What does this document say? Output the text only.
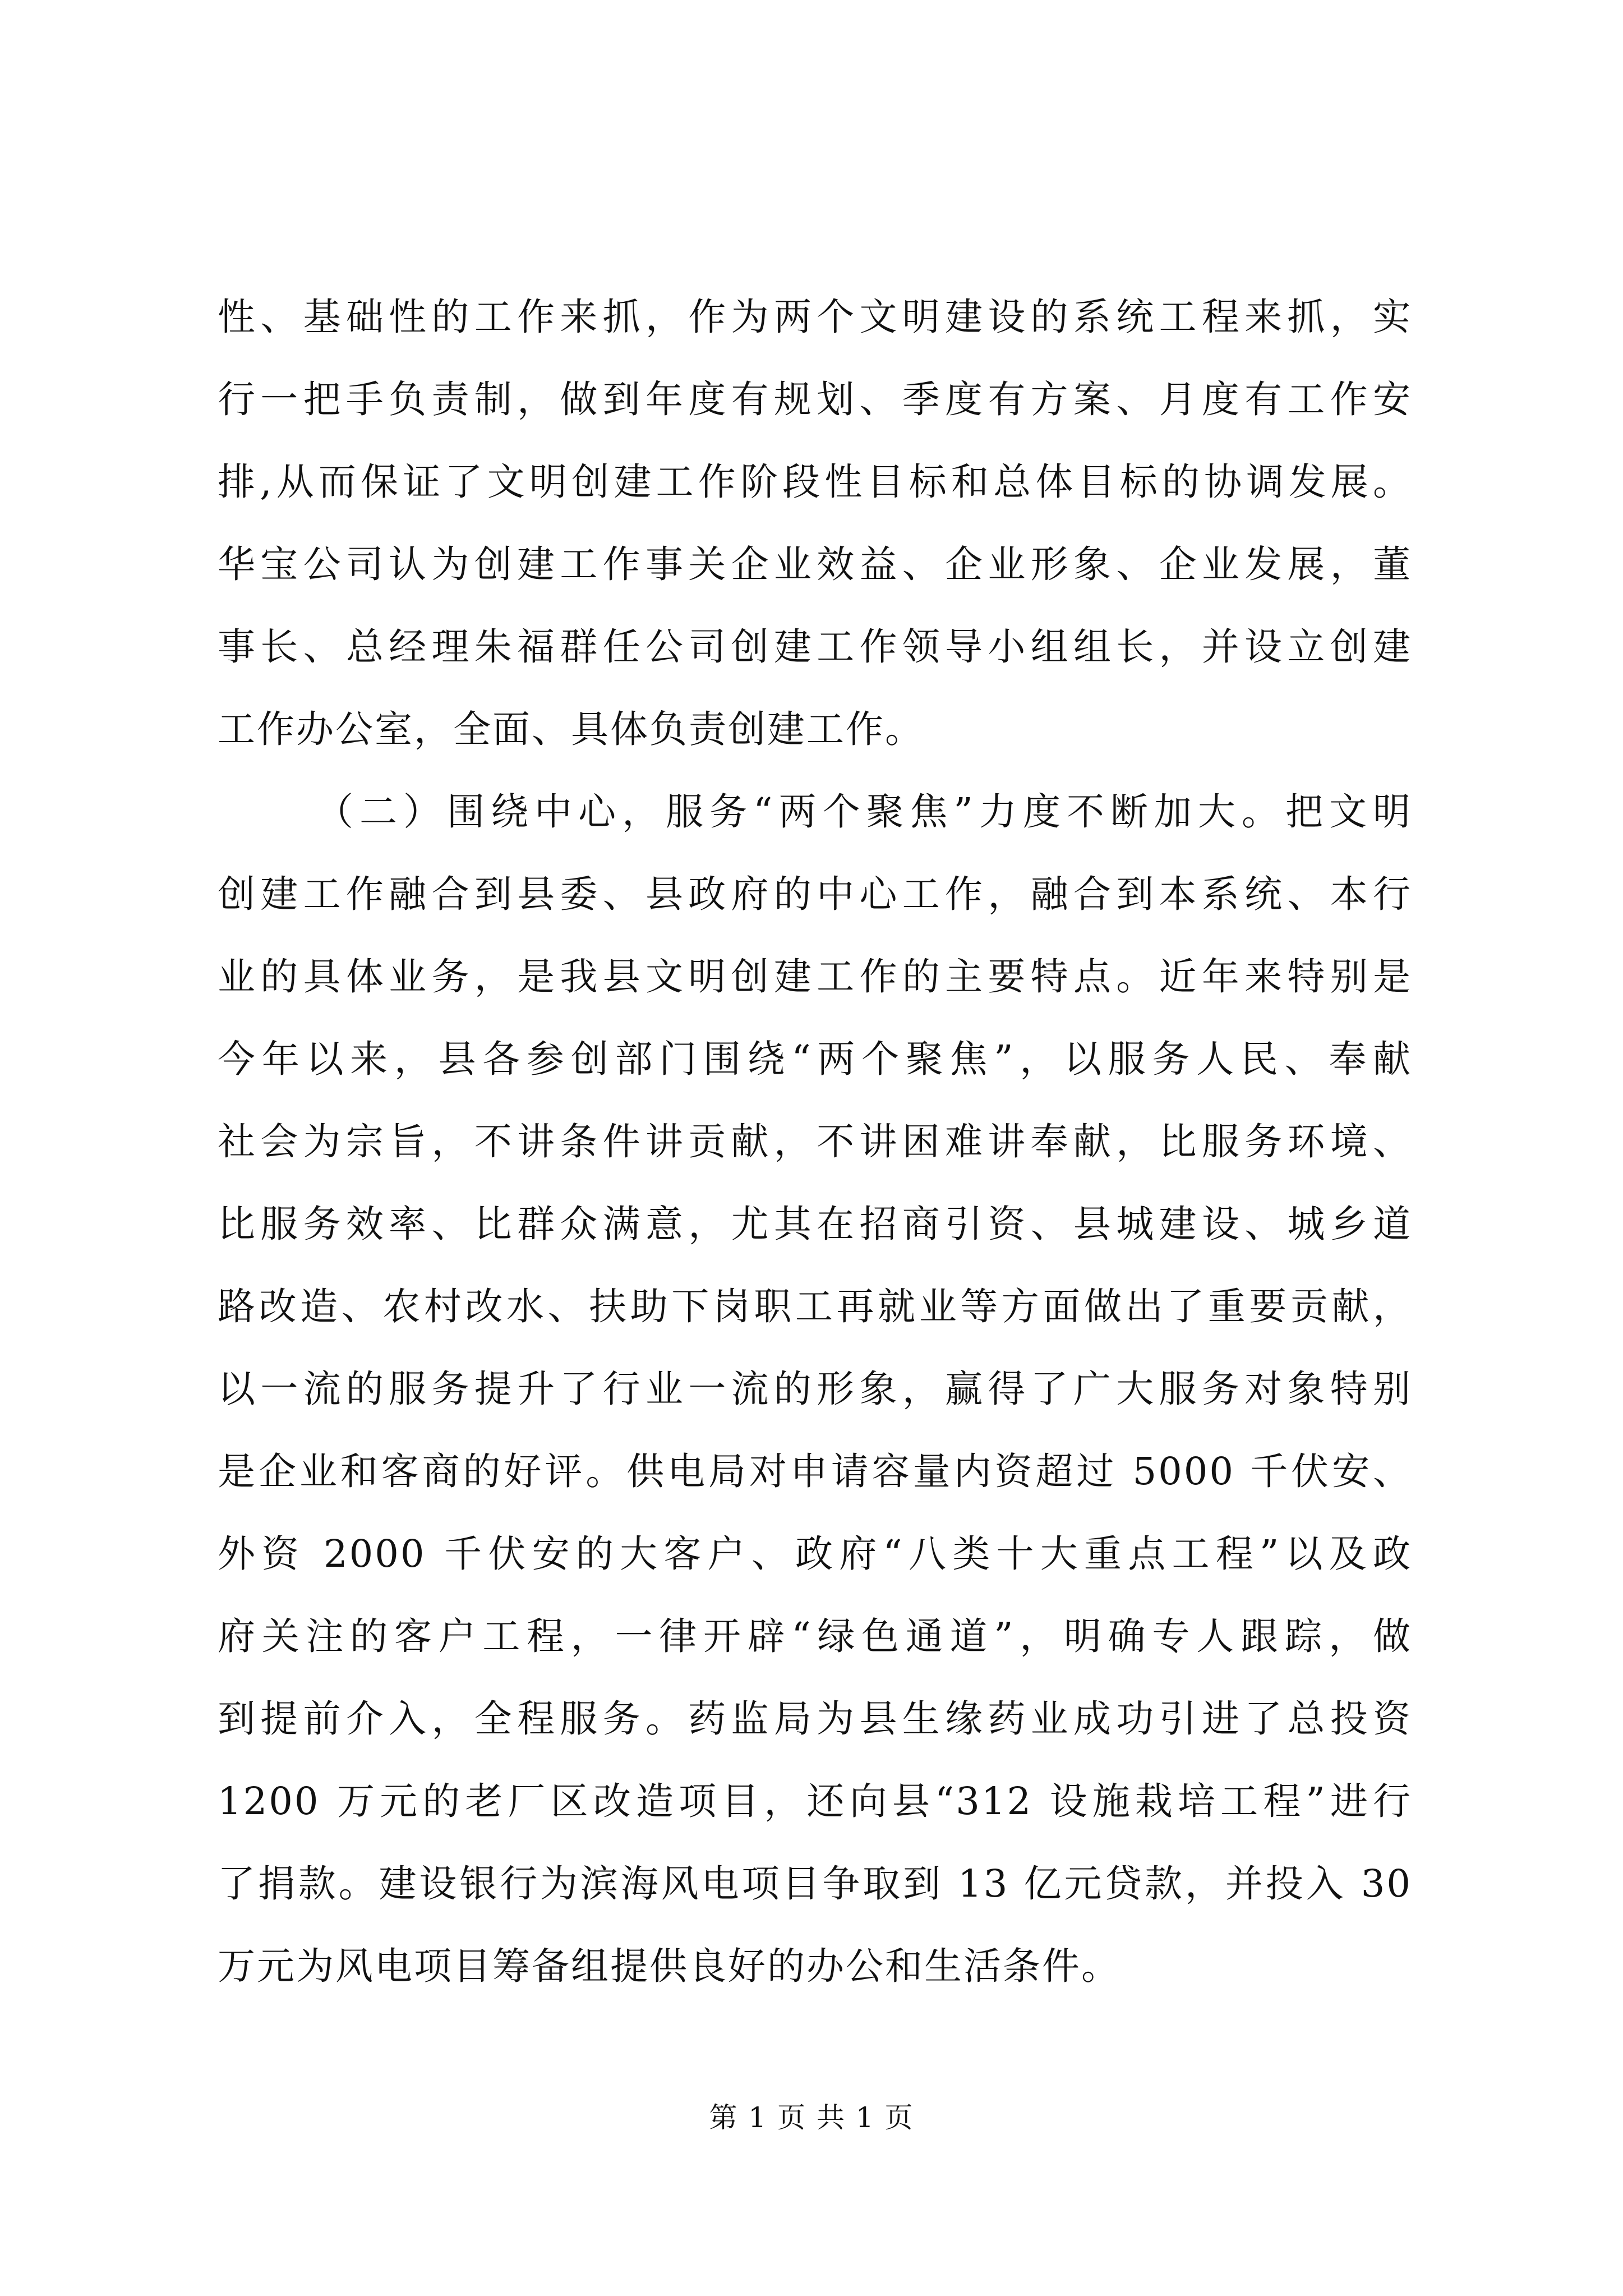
性、基础性的工作来抓，作为两个文明建设的系统工程来抓，实
行一把手负责制，做到年度有规划、季度有方案、月度有工作安
排,从而保证了文明创建工作阶段性目标和总体目标的协调发展。
华宝公司认为创建工作事关企业效益、企业形象、企业发展，董
事长、总经理朱福群任公司创建工作领导小组组长，并设立创建
工作办公室，全面、具体负责创建工作。
（二）围绕中心，服务“两个聚焦”力度不断加大。把文明
创建工作融合到县委、县政府的中心工作，融合到本系统、本行
业的具体业务，是我县文明创建工作的主要特点。近年来特别是
今年以来，县各参创部门围绕“两个聚焦”，以服务人民、奉献
社会为宗旨，不讲条件讲贡献，不讲困难讲奉献，比服务环境、
比服务效率、比群众满意，尤其在招商引资、县城建设、城乡道
路改造、农村改水、扶助下岗职工再就业等方面做出了重要贡献，
以一流的服务提升了行业一流的形象，赢得了广大服务对象特别
是企业和客商的好评。供电局对申请容量内资超过 5000 千伏安、
外资 2000 千伏安的大客户、政府“八类十大重点工程”以及政
府关注的客户工程，一律开辟“绿色通道”，明确专人跟踪，做
到提前介入，全程服务。药监局为县生缘药业成功引进了总投资
1200 万元的老厂区改造项目，还向县“312 设施栽培工程”进行
了捐款。建设银行为滨海风电项目争取到 13 亿元贷款，并投入 30
万元为风电项目筹备组提供良好的办公和生活条件。
第 1 页 共 1 页
